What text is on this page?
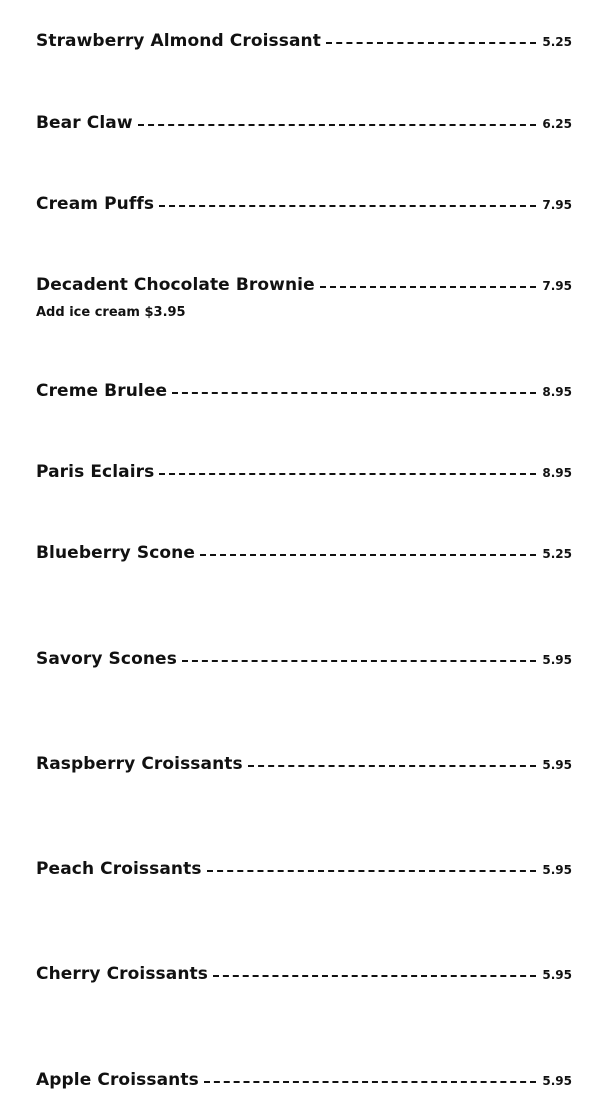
Strawberry Almond Croissant	5.25
Bear Claw	6.25
Cream Puffs	7.95
Decadent Chocolate Brownie	7.95
Add ice cream $3.95
Creme Brulee	8.95
Paris Eclairs	8.95
Blueberry Scone	5.25
Savory Scones	5.95
Raspberry Croissants	5.95
Peach Croissants	5.95
Cherry Croissants	5.95
Apple Croissants	5.95
